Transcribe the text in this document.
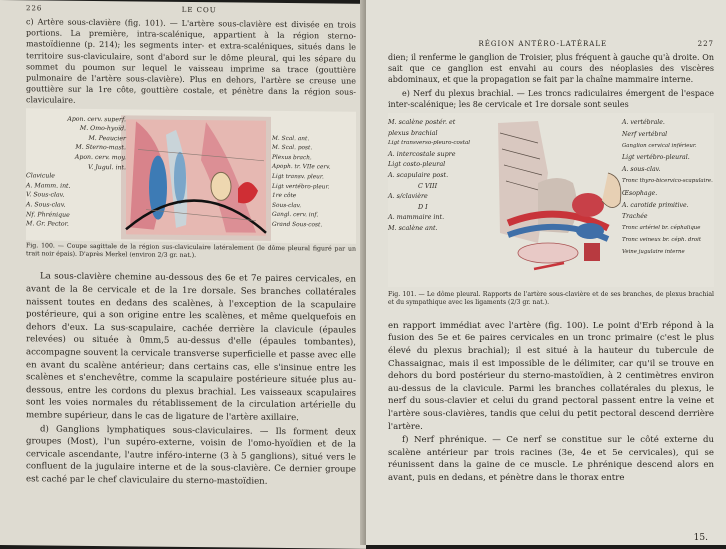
226	LE COU

c) Artère sous-clavière (fig. 101). — L'artère sous-clavière est divisée en trois portions. La première, intra-scalénique, appartient à la région sterno-mastoïdienne (p. 214); les segments inter- et extra-scaléniques, situés dans le territoire sus-claviculaire, sont d'abord sur le dôme pleural, qui les sépare du sommet du poumon sur lequel le vaisseau imprime sa trace (gouttière pulmonaire de l'artère sous-clavière). Plus en dehors, l'artère se creuse une gouttière sur la 1re côte, gouttière costale, et pénètre dans la région sous-claviculaire.

Apon. cerv. superf.
M. Omo-hyoïd.
M. Peaucier
M. Sterno-mast.
Apon. cerv. moy.
V. Jugul. int.
Clavicule
A. Mamm. int.
V. Sous-clav.
A. Sous-clav.
Nf. Phrénique
M. Gr. Pector.
M. Scal. ant.
M. Scal. post.
Plexus brach.
Apoph. tr. VIIe cerv.
Ligt transv. pleur.
Ligt vertébro-pleur.
1re côte
Sous-clav.
Gangl. cerv. inf.
Grand Sous-cost.

Fig. 100. — Coupe sagittale de la région sus-claviculaire latéralement (le dôme pleural figuré par un trait noir épais). D'après Merkel (environ 2/3 gr. nat.).

La sous-clavière chemine au-dessous des 6e et 7e paires cervicales, en avant de la 8e cervicale et de la 1re dorsale. Ses branches collatérales naissent toutes en dedans des scalènes, à l'exception de la scapulaire postérieure, qui a son origine entre les scalènes, et même quelquefois en dehors d'eux. La sus-scapulaire, cachée derrière la clavicule (épaules relevées) ou située à 0mm,5 au-dessus d'elle (épaules tombantes), accompagne souvent la cervicale transverse superficielle et passe avec elle en avant du scalène antérieur; dans certains cas, elle s'insinue entre les scalènes et s'enchevêtre, comme la scapulaire postérieure située plus au-dessous, entre les cordons du plexus brachial. Les vaisseaux scapulaires sont les voies normales du rétablissement de la circulation artérielle du membre supérieur, dans le cas de ligature de l'artère axillaire.

d) Ganglions lymphatiques sous-claviculaires. — Ils forment deux groupes (Most), l'un supéro-externe, voisin de l'omo-hyoïdien et de la cervicale ascendante, l'autre inféro-interne (3 à 5 ganglions), situé vers le confluent de la jugulaire interne et de la sous-clavière. Ce dernier groupe est caché par le chef claviculaire du sterno-mastoïdien.

RÉGION ANTÉRO-LATÉRALE	227

dien; il renferme le ganglion de Troisier, plus fréquent à gauche qu'à droite. On sait que ce ganglion est envahi au cours des néoplasies des viscères abdominaux, et que la propagation se fait par la chaîne mammaire interne.

e) Nerf du plexus brachial. — Les troncs radiculaires émergent de l'espace inter-scalénique; les 8e cervicale et 1re dorsale sont seules

M. scalène postér. et
plexus brachial
Ligt transverso-pleuro-costal
A. intercostale supre
Ligt costo-pleural
A. scapulaire post.
C VIII
A. s/clavière
D I
A. mammaire int.
M. scalène ant.
A. vertébrale.
Nerf vertébral
Ganglion cervical inférieur.
Ligt vertébro-pleural.
A. sous-clav.
Tronc thyro-bicervico-scapulaire.
Œsophage.
A. carotide primitive.
Trachée
Tronc artériel br. céphalique
Tronc veineux br. céph. droit
Veine jugulaire interne

Fig. 101. — Le dôme pleural. Rapports de l'artère sous-clavière et de ses branches, de plexus brachial et du sympathique avec les ligaments (2/3 gr. nat.).

en rapport immédiat avec l'artère (fig. 100). Le point d'Erb répond à la fusion des 5e et 6e paires cervicales en un tronc primaire (c'est le plus élevé du plexus brachial); il est situé à la hauteur du tubercule de Chassaignac, mais il est impossible de le délimiter, car qu'il se trouve en dehors du bord postérieur du sterno-mastoïdien, à 2 centimètres environ au-dessus de la clavicule. Parmi les branches collatérales du plexus, le nerf du sous-clavier et celui du grand pectoral passent entre la veine et l'artère sous-clavières, tandis que celui du petit pectoral descend derrière l'artère.

f) Nerf phrénique. — Ce nerf se constitue sur le côté externe du scalène antérieur par trois racines (3e, 4e et 5e cervicales), qui se réunissent dans la gaine de ce muscle. Le phrénique descend alors en avant, puis en dedans, et pénètre dans le thorax entre

15.
